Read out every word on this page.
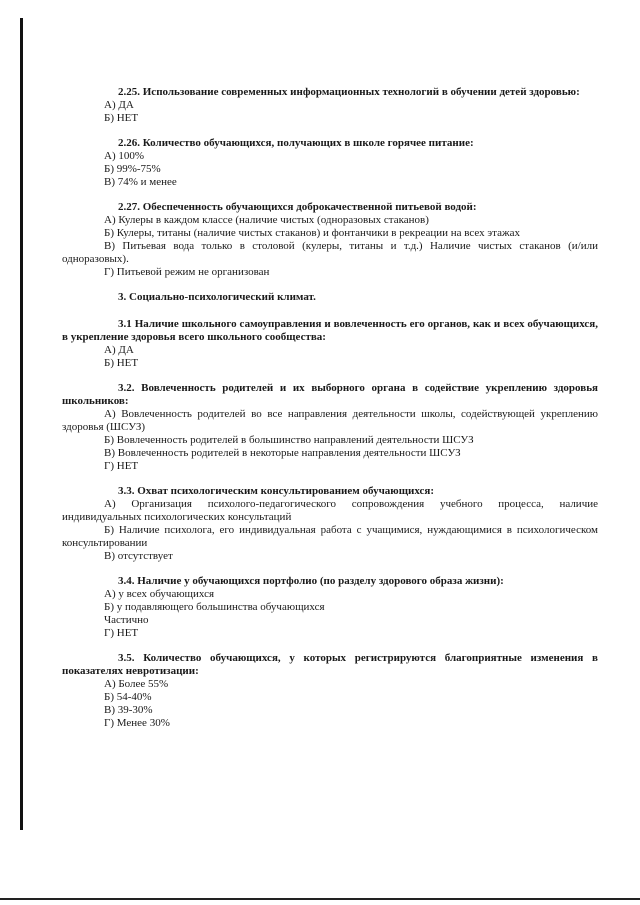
2.25. Использование современных информационных технологий в обучении детей здоровью:

А) ДА

Б) НЕТ

2.26. Количество обучающихся, получающих в школе горячее питание:

А) 100%

Б) 99%-75%

В) 74% и менее

2.27. Обеспеченность обучающихся доброкачественной питьевой водой:

А) Кулеры в каждом классе (наличие чистых (одноразовых стаканов)

Б) Кулеры, титаны (наличие чистых стаканов) и фонтанчики в рекреации на всех этажах

В) Питьевая вода только в столовой (кулеры, титаны и т.д.) Наличие чистых стаканов (и/или одноразовых).

Г) Питьевой режим не организован

3. Социально-психологический климат.

3.1 Наличие школьного самоуправления и вовлеченность его органов, как и всех обучающихся, в укрепление здоровья всего школьного сообщества:

А) ДА

Б) НЕТ

3.2. Вовлеченность родителей и их выборного органа в содействие укреплению здоровья школьников:

А) Вовлеченность родителей во все направления деятельности школы, содействующей укреплению здоровья (ШСУЗ)

Б) Вовлеченность родителей в большинство направлений деятельности ШСУЗ

В) Вовлеченность родителей в некоторые направления деятельности ШСУЗ

Г) НЕТ

3.3. Охват психологическим консультированием обучающихся:

А) Организация психолого-педагогического сопровождения учебного процесса, наличие индивидуальных психологических консультаций

Б) Наличие психолога, его индивидуальная работа с учащимися, нуждающимися в психологическом консультировании

В) отсутствует

3.4. Наличие у обучающихся портфолио (по разделу здорового образа жизни):

А) у всех обучающихся

Б) у подавляющего большинства обучающихся

Частично

Г) НЕТ

3.5. Количество обучающихся, у которых регистрируются благоприятные изменения в показателях невротизации:

А) Более 55%

Б) 54-40%

В) 39-30%

Г) Менее 30%
